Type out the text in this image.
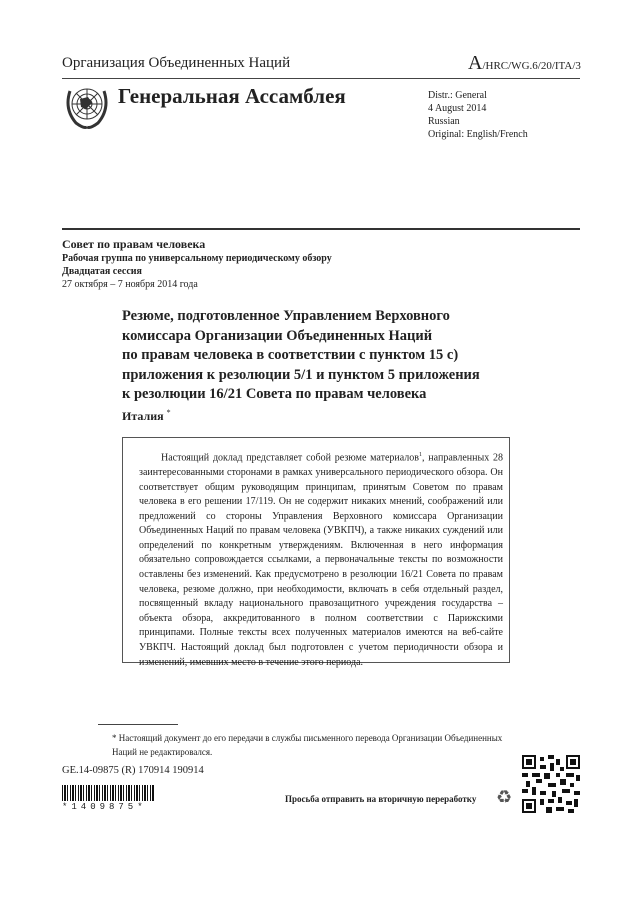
Организация Объединенных Наций	A/HRC/WG.6/20/ITA/3
Генеральная Ассамблея	Distr.: General
4 August 2014
Russian
Original: English/French
Совет по правам человека
Рабочая группа по универсальному периодическому обзору
Двадцатая сессия
27 октября – 7 ноября 2014 года
Резюме, подготовленное Управлением Верховного
комиссара Организации Объединенных Наций
по правам человека в соответствии с пунктом 15 с)
приложения к резолюции 5/1 и пунктом 5 приложения
к резолюции 16/21 Совета по правам человека
Италия *

Настоящий доклад представляет собой резюме материалов$^1$, направленных 28 заинтересованными сторонами в рамках универсального периодического обзора. Он соответствует общим руководящим принципам, принятым Советом по правам человека в его решении 17/119. Он не содержит никаких мнений, соображений или предложений со стороны Управления Верховного комиссара Организации Объединенных Наций по правам человека (УВКПЧ), а также никаких суждений или определений по конкретным утверждениям. Включенная в него информация обязательно сопровождается ссылками, а первоначальные тексты по возможности оставлены без изменений. Как предусмотрено в резолюции 16/21 Совета по правам человека, резюме должно, при необходимости, включать в себя отдельный раздел, посвященный вкладу национального правозащитного учреждения государства – объекта обзора, аккредитованного в полном соответствии с Парижскими принципами. Полные тексты всех полученных материалов имеются на веб-сайте УВКПЧ. Настоящий доклад был подготовлен с учетом периодичности обзора и изменений, имевших место в течение этого периода.

* Настоящий документ до его передачи в службы письменного перевода Организации Объединенных Наций не редактировался.
GE.14-09875 (R) 170914 190914
*1409875*
Просьба отправить на вторичную переработку ♻
